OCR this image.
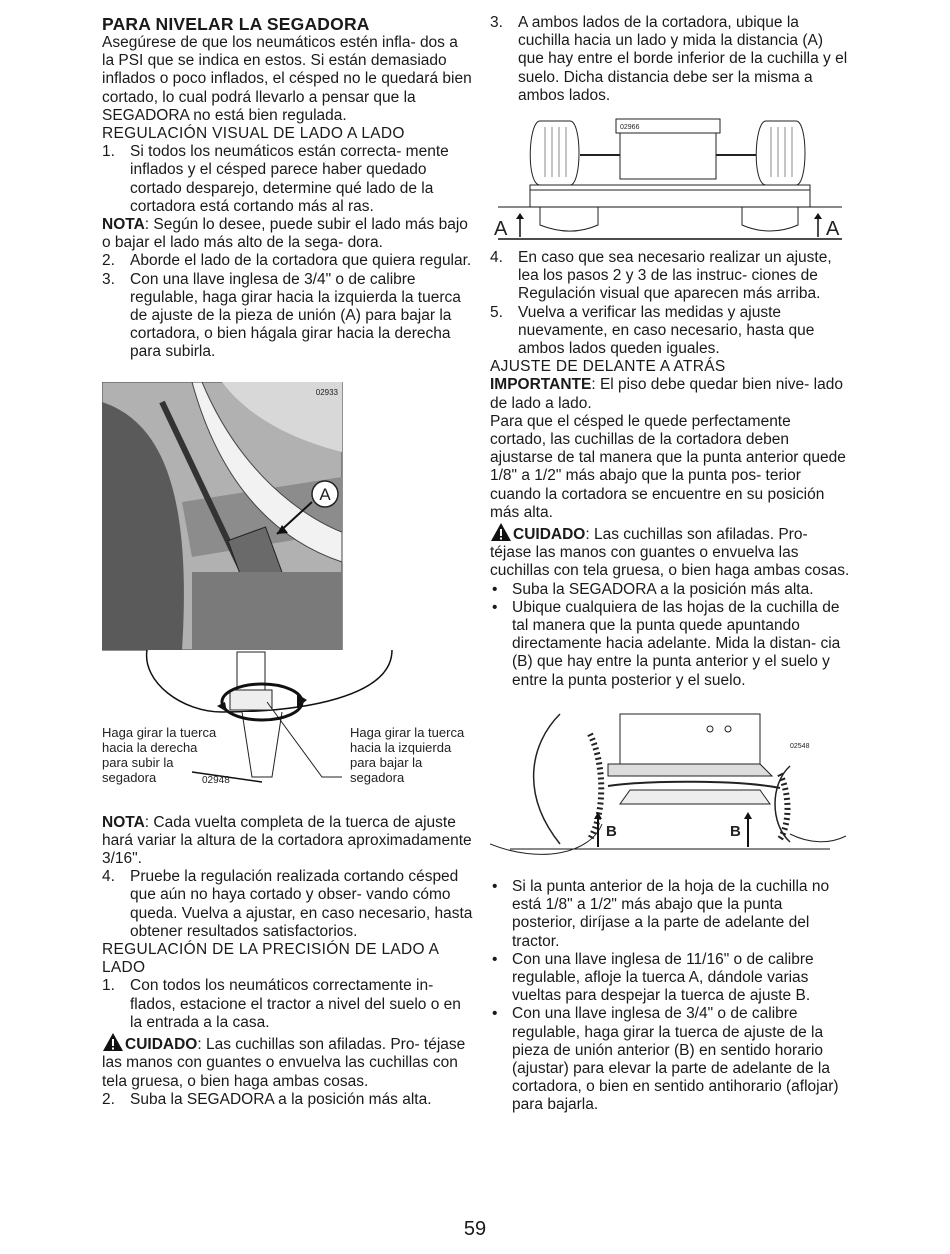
PARA NIVELAR LA SEGADORA

Asegúrese de que los neumáticos estén infla- dos a la PSI que se indica en estos. Si están demasiado inflados o poco inflados, el césped no le quedará bien cortado, lo cual podrá llevarlo a pensar que la SEGADORA no está bien regulada.

REGULACIÓN VISUAL DE LADO A LADO

1. Si todos los neumáticos están correcta- mente inflados y el césped parece haber quedado cortado desparejo, determine qué lado de la cortadora está cortando más al ras.

NOTA: Según lo desee, puede subir el lado más bajo o bajar el lado más alto de la sega- dora.

2. Aborde el lado de la cortadora que quiera regular.
3. Con una llave inglesa de 3/4" o de calibre regulable, haga girar hacia la izquierda la tuerca de ajuste de la pieza de unión (A) para bajar la cortadora, o bien hágala girar hacia la derecha para subirla.
A
02933
Haga girar la tuerca
hacia la derecha
para subir la
segadora	02948
Haga girar la tuerca
hacia la izquierda
para bajar la
segadora

NOTA: Cada vuelta completa de la tuerca de ajuste hará variar la altura de la cortadora aproximadamente 3/16".

4. Pruebe la regulación realizada cortando césped que aún no haya cortado y obser- vando cómo queda. Vuelva a ajustar, en caso necesario, hasta obtener resultados satisfactorios.

REGULACIÓN DE LA PRECISIÓN DE LADO A LADO

1. Con todos los neumáticos correctamente in- flados, estacione el tractor a nivel del suelo o en la entrada a la casa.

CUIDADO: Las cuchillas son afiladas. Pro- téjase las manos con guantes o envuelva las cuchillas con tela gruesa, o bien haga ambas cosas.

2. Suba la SEGADORA a la posición más alta.
3. A ambos lados de la cortadora, ubique la cuchilla hacia un lado y mida la distancia (A) que hay entre el borde inferior de la cuchilla y el suelo. Dicha distancia debe ser la misma a ambos lados.
02966
A	A
4. En caso que sea necesario realizar un ajuste, lea los pasos 2 y 3 de las instruc- ciones de Regulación visual que aparecen más arriba.
5. Vuelva a verificar las medidas y ajuste nuevamente, en caso necesario, hasta que ambos lados queden iguales.

AJUSTE DE DELANTE A ATRÁS

IMPORTANTE: El piso debe quedar bien nive- lado de lado a lado.

Para que el césped le quede perfectamente cortado, las cuchillas de la cortadora deben ajustarse de tal manera que la punta anterior quede 1/8" a 1/2" más abajo que la punta pos- terior cuando la cortadora se encuentre en su posición más alta.

CUIDADO: Las cuchillas son afiladas. Pro- téjase las manos con guantes o envuelva las cuchillas con tela gruesa, o bien haga ambas cosas.

• Suba la SEGADORA a la posición más alta.
• Ubique cualquiera de las hojas de la cuchilla de tal manera que la punta quede apuntando directamente hacia adelante. Mida la distan- cia (B) que hay entre la punta anterior y el suelo y entre la punta posterior y el suelo.
02548
B	B
• Si la punta anterior de la hoja de la cuchilla no está 1/8" a 1/2" más abajo que la punta posterior, diríjase a la parte de adelante del tractor.
• Con una llave inglesa de 11/16" o de calibre regulable, afloje la tuerca A, dándole varias vueltas para despejar la tuerca de ajuste B.
• Con una llave inglesa de 3/4" o de calibre regulable, haga girar la tuerca de ajuste de la pieza de unión anterior (B) en sentido horario (ajustar) para elevar la parte de adelante de la cortadora, o bien en sentido antihorario (aflojar) para bajarla.
59
